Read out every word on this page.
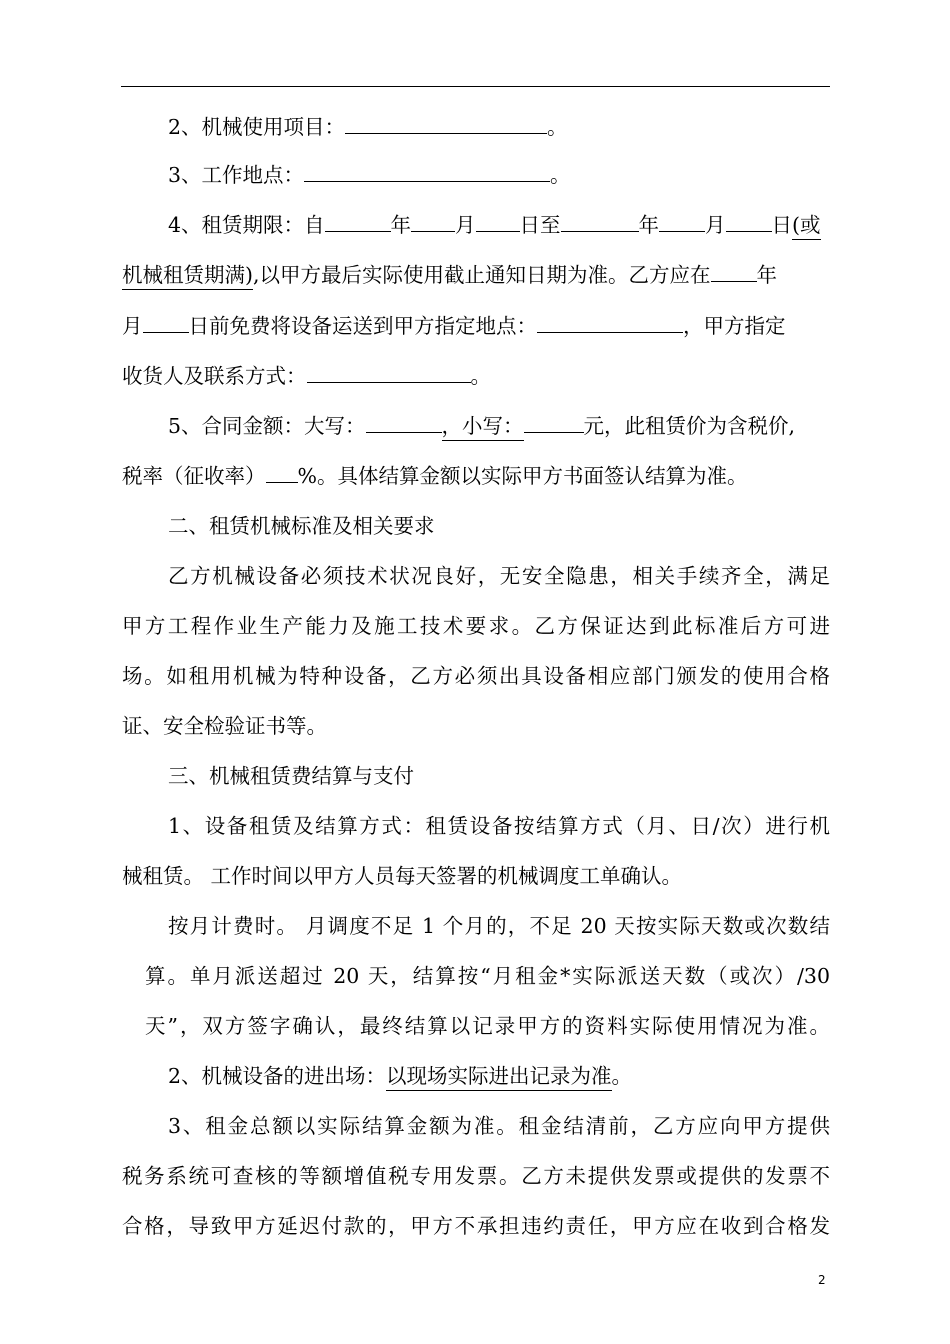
2、机械使用项目：	。
3、工作地点：	。
4、租赁期限：自	年 月 日至	年 月 日(或
机械租赁期满),以甲方最后实际使用截止通知日期为准。乙方应在 年
月 日前免费将设备运送到甲方指定地点：	，甲方指定
收货人及联系方式：	。
5、合同金额：大写：	，小写：	元，此租赁价为含税价,
税率（征收率） %。具体结算金额以实际甲方书面签认结算为准。
二、租赁机械标准及相关要求
乙方机械设备必须技术状况良好，无安全隐患，相关手续齐全，满足
甲方工程作业生产能力及施工技术要求。乙方保证达到此标准后方可进
场。如租用机械为特种设备，乙方必须出具设备相应部门颁发的使用合格
证、安全检验证书等。
三、机械租赁费结算与支付
1、设备租赁及结算方式：租赁设备按结算方式（月、日/次）进行机
械租赁。 工作时间以甲方人员每天签署的机械调度工单确认。
按月计费时。 月调度不足 1 个月的，不足 20 天按实际天数或次数结
算。单月派送超过 20 天，结算按“月租金*实际派送天数（或次）/30
天”，双方签字确认，最终结算以记录甲方的资料实际使用情况为准。
2、机械设备的进出场：以现场实际进出记录为准。
3、租金总额以实际结算金额为准。租金结清前，乙方应向甲方提供
税务系统可查核的等额增值税专用发票。乙方未提供发票或提供的发票不
合格，导致甲方延迟付款的，甲方不承担违约责任，甲方应在收到合格发
2
